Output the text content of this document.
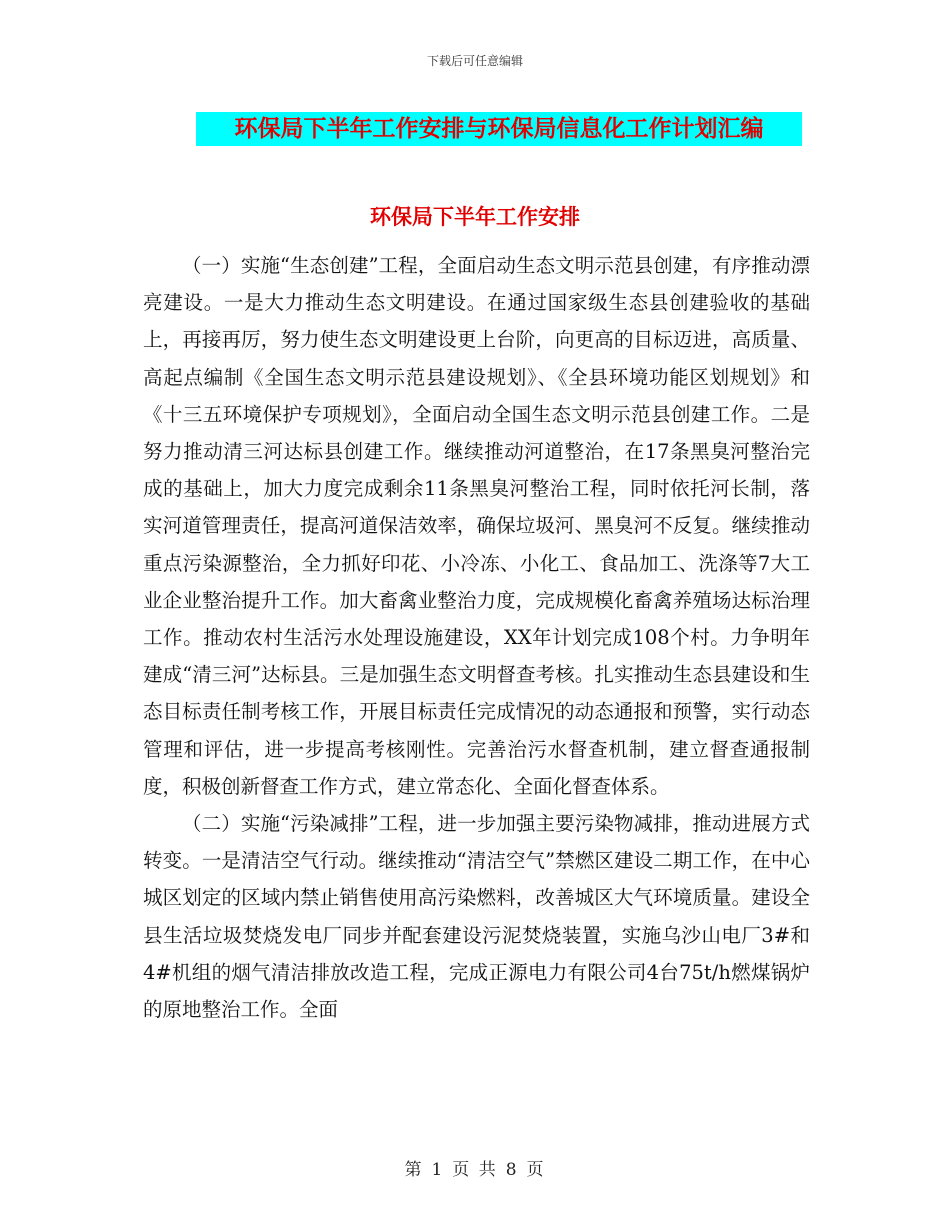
下载后可任意编辑
环保局下半年工作安排与环保局信息化工作计划汇编
环保局下半年工作安排

（一）实施“生态创建”工程，全面启动生态文明示范县创建，有序推动漂亮建设。一是大力推动生态文明建设。在通过国家级生态县创建验收的基础上，再接再厉，努力使生态文明建设更上台阶，向更高的目标迈进，高质量、高起点编制《全国生态文明示范县建设规划》、《全县环境功能区划规划》和《十三五环境保护专项规划》，全面启动全国生态文明示范县创建工作。二是努力推动清三河达标县创建工作。继续推动河道整治，在17条黑臭河整治完成的基础上，加大力度完成剩余11条黑臭河整治工程，同时依托河长制，落实河道管理责任，提高河道保洁效率，确保垃圾河、黑臭河不反复。继续推动重点污染源整治，全力抓好印花、小冷冻、小化工、食品加工、洗涤等7大工业企业整治提升工作。加大畜禽业整治力度，完成规模化畜禽养殖场达标治理工作。推动农村生活污水处理设施建设，XX年计划完成108个村。力争明年建成“清三河”达标县。三是加强生态文明督查考核。扎实推动生态县建设和生态目标责任制考核工作，开展目标责任完成情况的动态通报和预警，实行动态管理和评估，进一步提高考核刚性。完善治污水督查机制，建立督查通报制度，积极创新督查工作方式，建立常态化、全面化督查体系。

（二）实施“污染减排”工程，进一步加强主要污染物减排，推动进展方式转变。一是清洁空气行动。继续推动“清洁空气”禁燃区建设二期工作，在中心城区划定的区域内禁止销售使用高污染燃料，改善城区大气环境质量。建设全县生活垃圾焚烧发电厂同步并配套建设污泥焚烧装置，实施乌沙山电厂3#和4#机组的烟气清洁排放改造工程，完成正源电力有限公司4台75t/h燃煤锅炉的原地整治工作。全面

第 1 页 共 8 页
